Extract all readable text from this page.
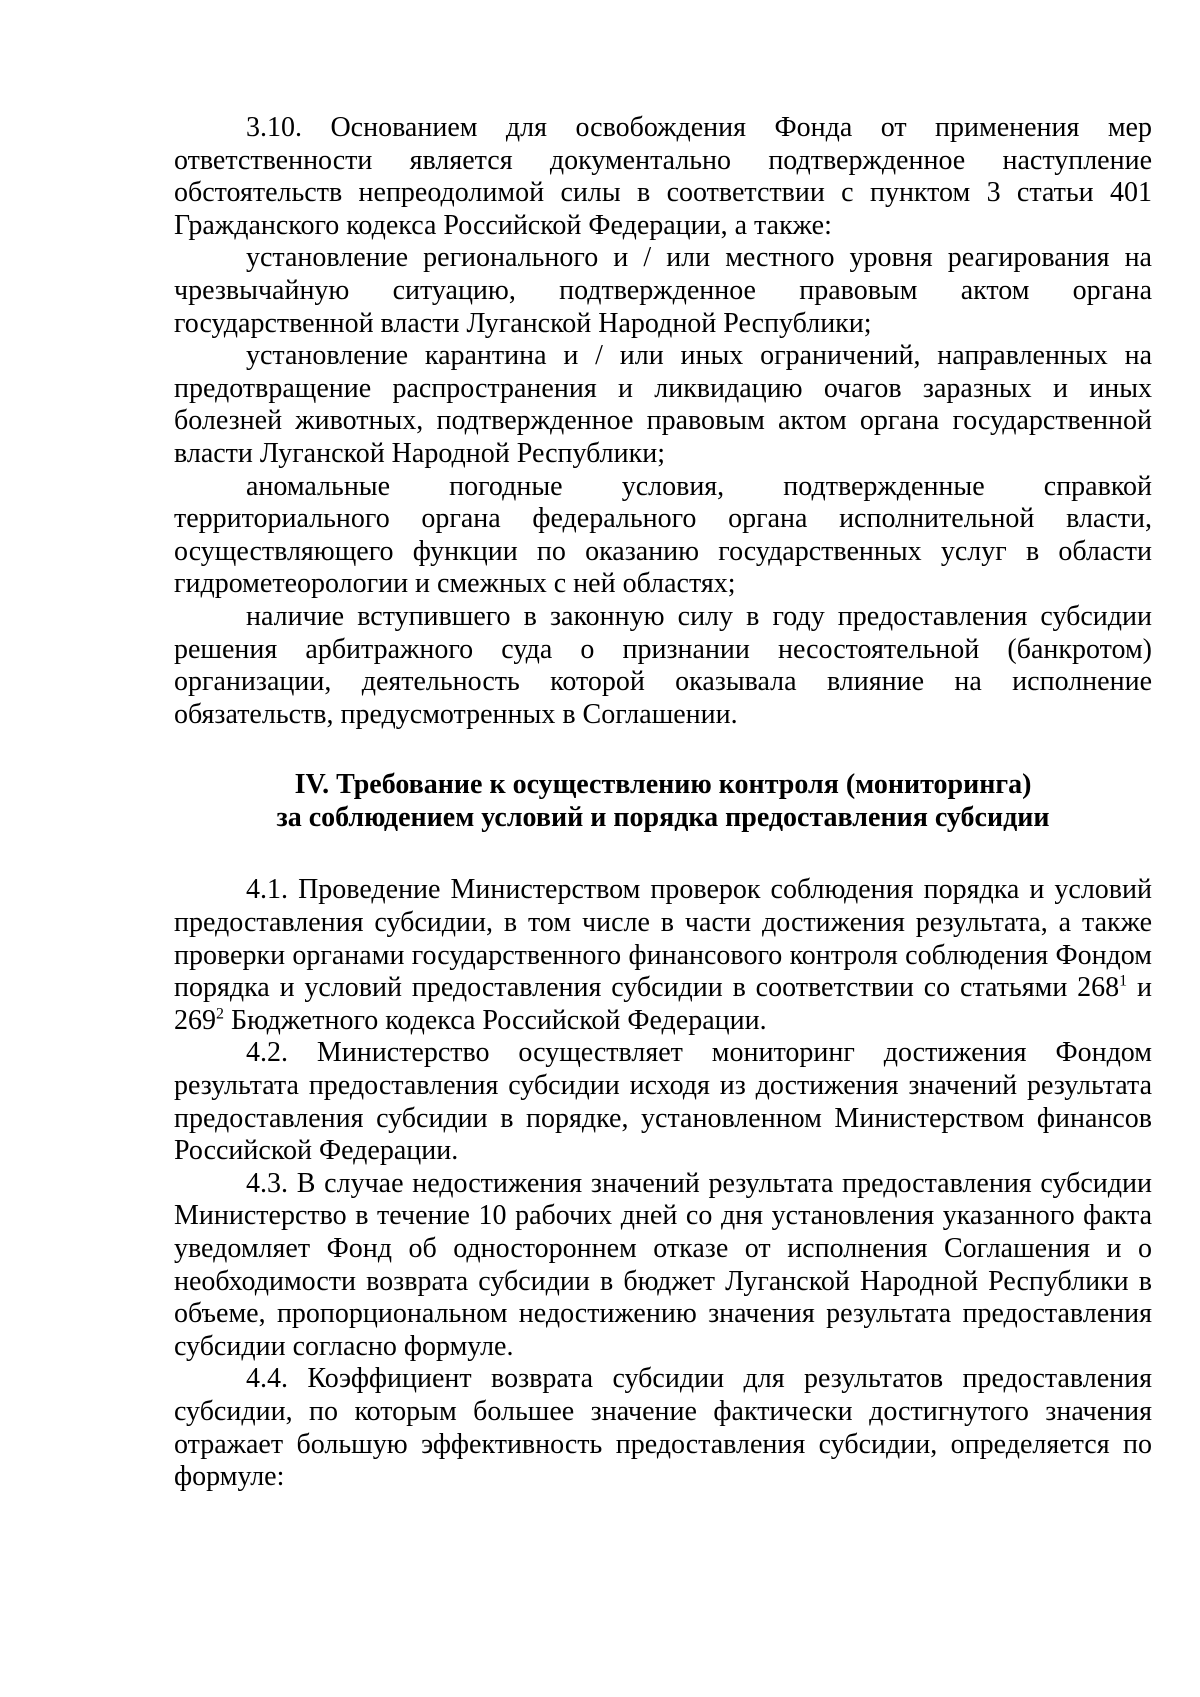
3.10. Основанием для освобождения Фонда от применения мер ответственности является документально подтвержденное наступление обстоятельств непреодолимой силы в соответствии с пунктом 3 статьи 401 Гражданского кодекса Российской Федерации, а также:

установление регионального и / или местного уровня реагирования на чрезвычайную ситуацию, подтвержденное правовым актом органа государственной власти Луганской Народной Республики;

установление карантина и / или иных ограничений, направленных на предотвращение распространения и ликвидацию очагов заразных и иных болезней животных, подтвержденное правовым актом органа государственной власти Луганской Народной Республики;

аномальные погодные условия, подтвержденные справкой территориального органа федерального органа исполнительной власти, осуществляющего функции по оказанию государственных услуг в области гидрометеорологии и смежных с ней областях;

наличие вступившего в законную силу в году предоставления субсидии решения арбитражного суда о признании несостоятельной (банкротом) организации, деятельность которой оказывала влияние на исполнение обязательств, предусмотренных в Соглашении.

IV. Требование к осуществлению контроля (мониторинга)
за соблюдением условий и порядка предоставления субсидии

4.1. Проведение Министерством проверок соблюдения порядка и условий предоставления субсидии, в том числе в части достижения результата, а также проверки органами государственного финансового контроля соблюдения Фондом порядка и условий предоставления субсидии в соответствии со статьями $268^1$ и $269^2$ Бюджетного кодекса Российской Федерации.

4.2. Министерство осуществляет мониторинг достижения Фондом результата предоставления субсидии исходя из достижения значений результата предоставления субсидии в порядке, установленном Министерством финансов Российской Федерации.

4.3. В случае недостижения значений результата предоставления субсидии Министерство в течение 10 рабочих дней со дня установления указанного факта уведомляет Фонд об одностороннем отказе от исполнения Соглашения и о необходимости возврата субсидии в бюджет Луганской Народной Республики в объеме, пропорциональном недостижению значения результата предоставления субсидии согласно формуле.

4.4. Коэффициент возврата субсидии для результатов предоставления субсидии, по которым большее значение фактически достигнутого значения отражает большую эффективность предоставления субсидии, определяется по формуле:
